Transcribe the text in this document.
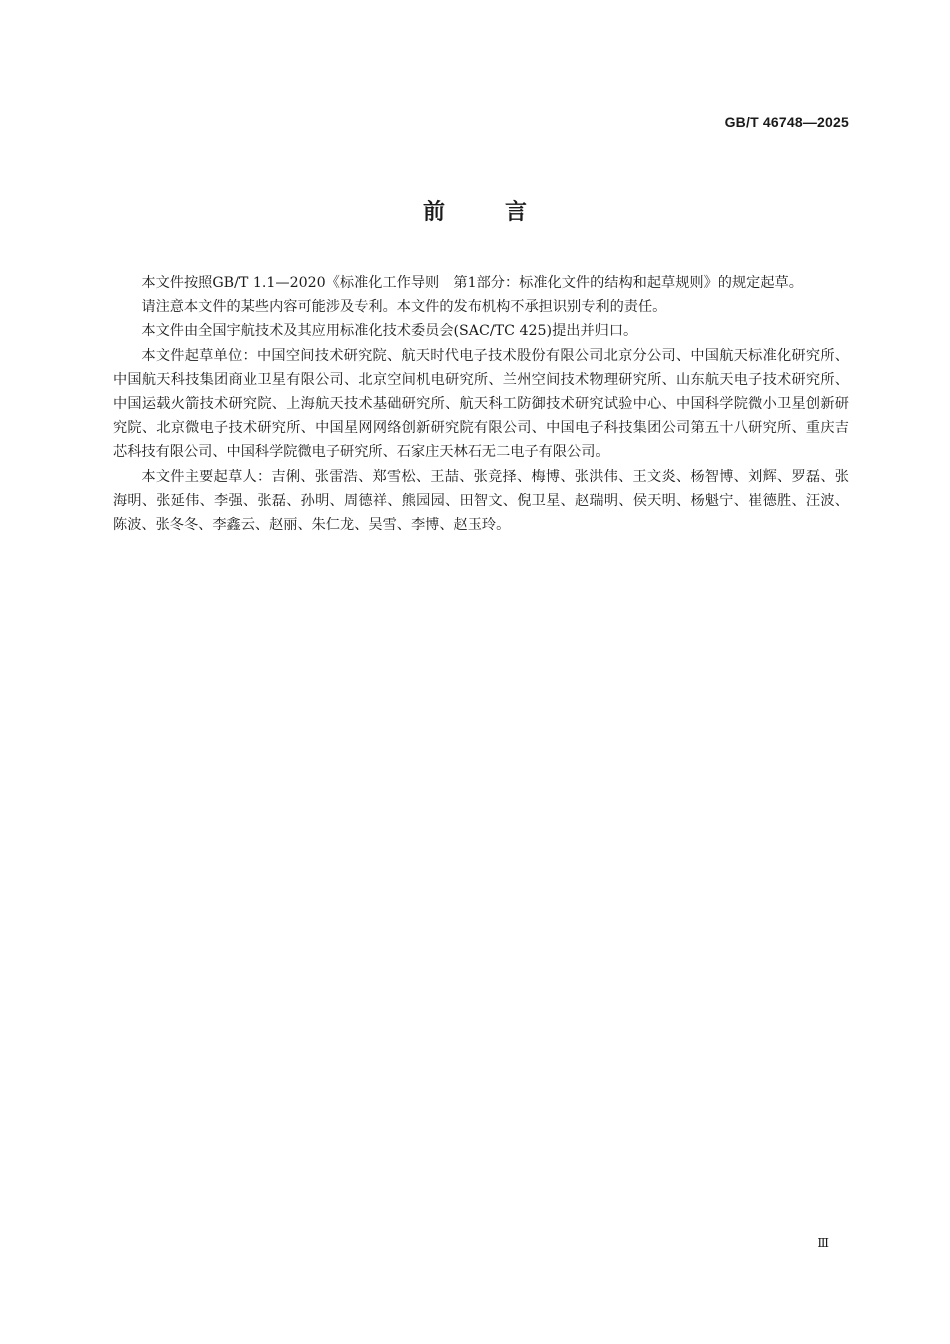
GB/T 46748—2025
前言

本文件按照GB/T 1.1—2020《标准化工作导则　第1部分：标准化文件的结构和起草规则》的规定起草。

请注意本文件的某些内容可能涉及专利。本文件的发布机构不承担识别专利的责任。

本文件由全国宇航技术及其应用标准化技术委员会(SAC/TC 425)提出并归口。

本文件起草单位：中国空间技术研究院、航天时代电子技术股份有限公司北京分公司、中国航天标准化研究所、中国航天科技集团商业卫星有限公司、北京空间机电研究所、兰州空间技术物理研究所、山东航天电子技术研究所、中国运载火箭技术研究院、上海航天技术基础研究所、航天科工防御技术研究试验中心、中国科学院微小卫星创新研究院、北京微电子技术研究所、中国星网网络创新研究院有限公司、中国电子科技集团公司第五十八研究所、重庆吉芯科技有限公司、中国科学院微电子研究所、石家庄天林石无二电子有限公司。

本文件主要起草人：吉俐、张雷浩、郑雪松、王喆、张竞择、梅博、张洪伟、王文炎、杨智博、刘辉、罗磊、张海明、张延伟、李强、张磊、孙明、周德祥、熊园园、田智文、倪卫星、赵瑞明、侯天明、杨魁宁、崔德胜、汪波、陈波、张冬冬、李鑫云、赵丽、朱仁龙、吴雪、李博、赵玉玲。

Ⅲ
